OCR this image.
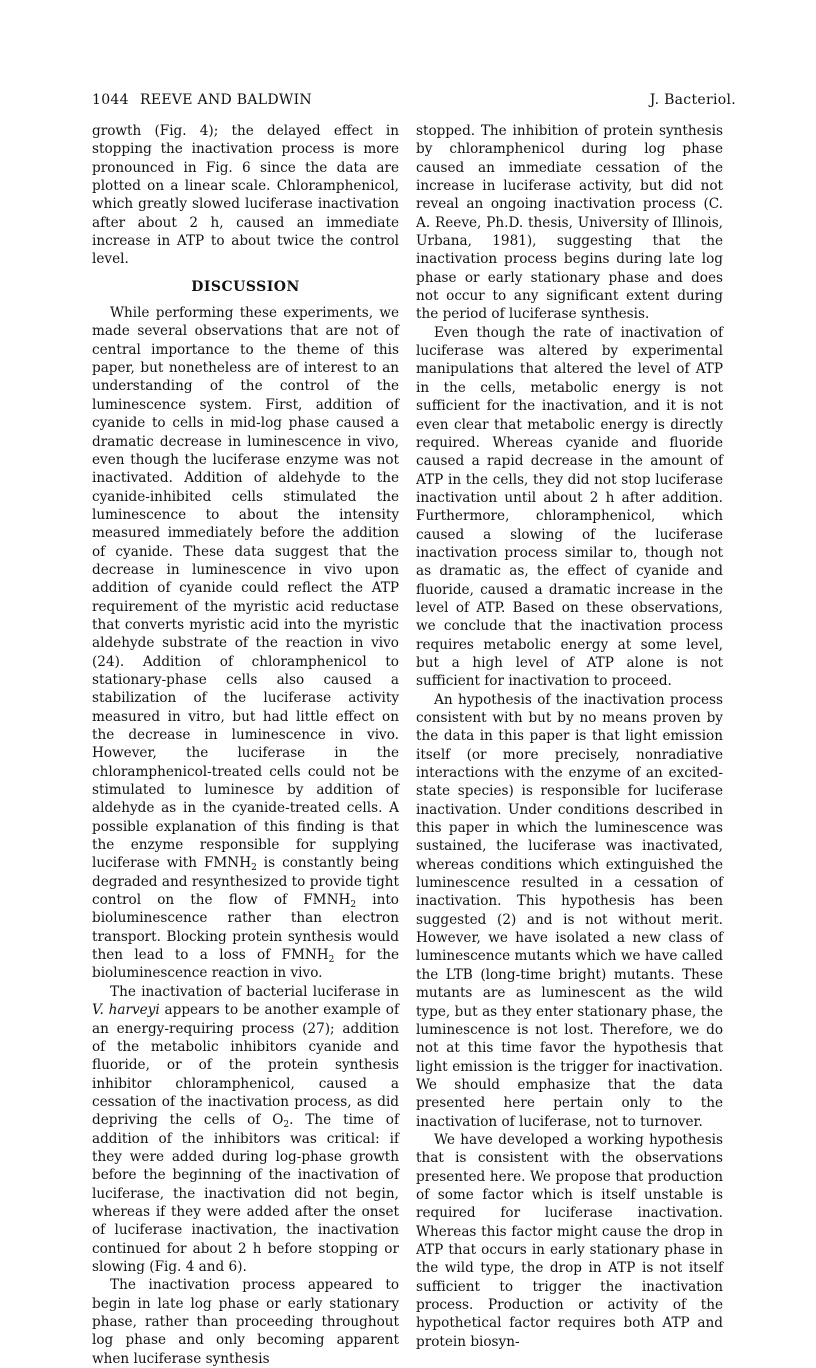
1044 REEVE AND BALDWIN	J. Bacteriol.

growth (Fig. 4); the delayed effect in stopping the inactivation process is more pronounced in Fig. 6 since the data are plotted on a linear scale. Chloramphenicol, which greatly slowed luciferase inactivation after about 2 h, caused an immediate increase in ATP to about twice the control level.

DISCUSSION

While performing these experiments, we made several observations that are not of central importance to the theme of this paper, but nonetheless are of interest to an understanding of the control of the luminescence system. First, addition of cyanide to cells in mid-log phase caused a dramatic decrease in luminescence in vivo, even though the luciferase enzyme was not inactivated. Addition of aldehyde to the cyanide-inhibited cells stimulated the luminescence to about the intensity measured immediately before the addition of cyanide. These data suggest that the decrease in luminescence in vivo upon addition of cyanide could reflect the ATP requirement of the myristic acid reductase that converts myristic acid into the myristic aldehyde substrate of the reaction in vivo (24). Addition of chloramphenicol to stationary-phase cells also caused a stabilization of the luciferase activity measured in vitro, but had little effect on the decrease in luminescence in vivo. However, the luciferase in the chloramphenicol-treated cells could not be stimulated to luminesce by addition of aldehyde as in the cyanide-treated cells. A possible explanation of this finding is that the enzyme responsible for supplying luciferase with $FMNH_2$ is constantly being degraded and resynthesized to provide tight control on the flow of $FMNH_2$ into bioluminescence rather than electron transport. Blocking protein synthesis would then lead to a loss of $FMNH_2$ for the bioluminescence reaction in vivo.

The inactivation of bacterial luciferase in V. harveyi appears to be another example of an energy-requiring process (27); addition of the metabolic inhibitors cyanide and fluoride, or of the protein synthesis inhibitor chloramphenicol, caused a cessation of the inactivation process, as did depriving the cells of $O_2$. The time of addition of the inhibitors was critical: if they were added during log-phase growth before the beginning of the inactivation of luciferase, the inactivation did not begin, whereas if they were added after the onset of luciferase inactivation, the inactivation continued for about 2 h before stopping or slowing (Fig. 4 and 6).

The inactivation process appeared to begin in late log phase or early stationary phase, rather than proceeding throughout log phase and only becoming apparent when luciferase synthesis

stopped. The inhibition of protein synthesis by chloramphenicol during log phase caused an immediate cessation of the increase in luciferase activity, but did not reveal an ongoing inactivation process (C. A. Reeve, Ph.D. thesis, University of Illinois, Urbana, 1981), suggesting that the inactivation process begins during late log phase or early stationary phase and does not occur to any significant extent during the period of luciferase synthesis.

Even though the rate of inactivation of luciferase was altered by experimental manipulations that altered the level of ATP in the cells, metabolic energy is not sufficient for the inactivation, and it is not even clear that metabolic energy is directly required. Whereas cyanide and fluoride caused a rapid decrease in the amount of ATP in the cells, they did not stop luciferase inactivation until about 2 h after addition. Furthermore, chloramphenicol, which caused a slowing of the luciferase inactivation process similar to, though not as dramatic as, the effect of cyanide and fluoride, caused a dramatic increase in the level of ATP. Based on these observations, we conclude that the inactivation process requires metabolic energy at some level, but a high level of ATP alone is not sufficient for inactivation to proceed.

An hypothesis of the inactivation process consistent with but by no means proven by the data in this paper is that light emission itself (or more precisely, nonradiative interactions with the enzyme of an excited-state species) is responsible for luciferase inactivation. Under conditions described in this paper in which the luminescence was sustained, the luciferase was inactivated, whereas conditions which extinguished the luminescence resulted in a cessation of inactivation. This hypothesis has been suggested (2) and is not without merit. However, we have isolated a new class of luminescence mutants which we have called the LTB (long-time bright) mutants. These mutants are as luminescent as the wild type, but as they enter stationary phase, the luminescence is not lost. Therefore, we do not at this time favor the hypothesis that light emission is the trigger for inactivation. We should emphasize that the data presented here pertain only to the inactivation of luciferase, not to turnover.

We have developed a working hypothesis that is consistent with the observations presented here. We propose that production of some factor which is itself unstable is required for luciferase inactivation. Whereas this factor might cause the drop in ATP that occurs in early stationary phase in the wild type, the drop in ATP is not itself sufficient to trigger the inactivation process. Production or activity of the hypothetical factor requires both ATP and protein biosyn-
